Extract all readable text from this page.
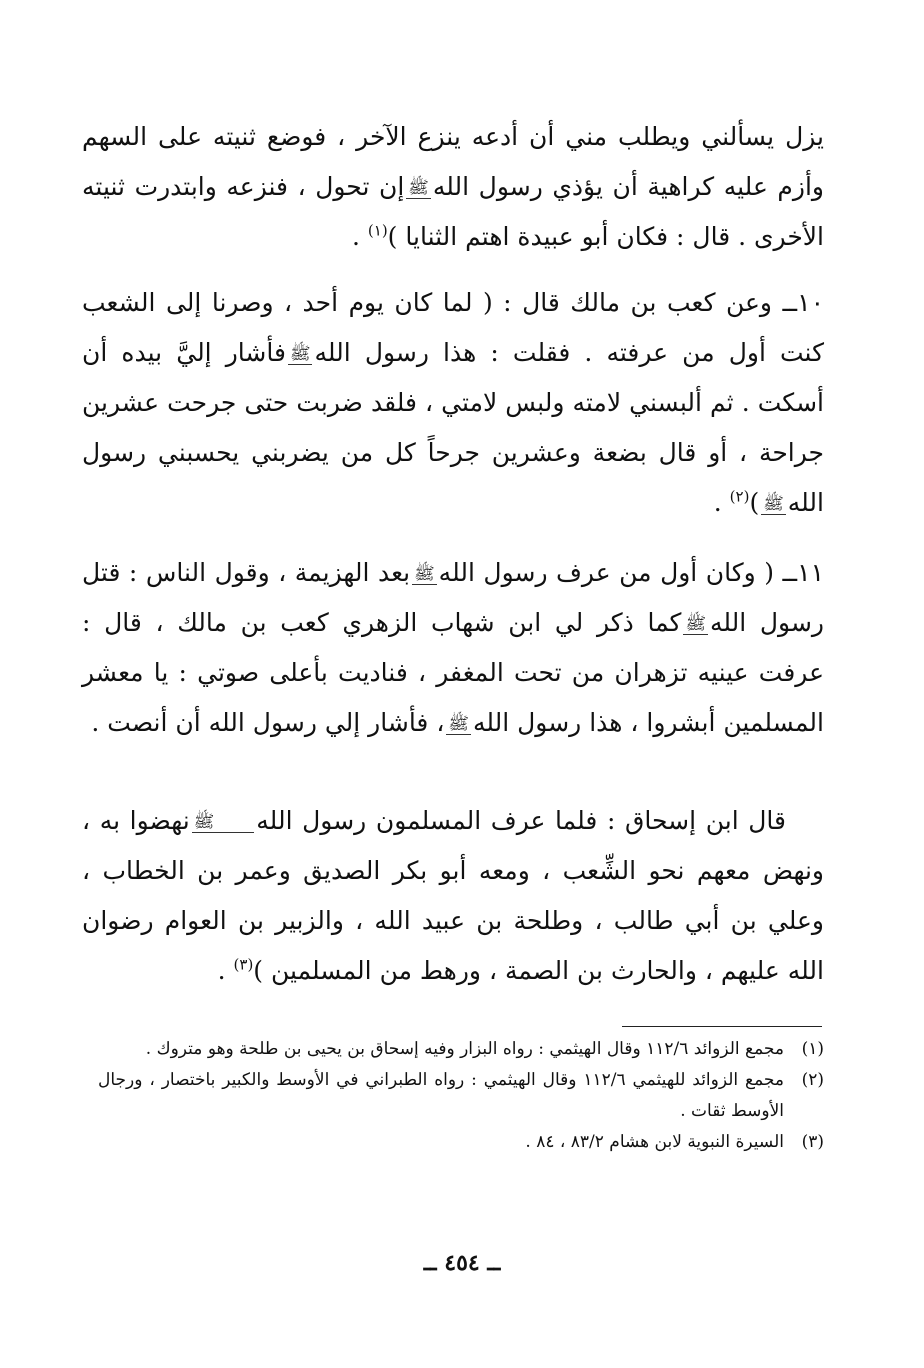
يزل يسألني ويطلب مني أن أدعه ينزع الآخر ، فوضع ثنيته على السهم وأزم عليه كراهية أن يؤذي رسول اللهﷺإن تحول ، فنزعه وابتدرت ثنيته الأخرى . قال : فكان أبو عبيدة اهتم الثنايا )$^{(١)}$ .
١٠ــ وعن كعب بن مالك قال : ( لما كان يوم أحد ، وصرنا إلى الشعب كنت أول من عرفته . فقلت : هذا رسول اللهﷺفأشار إليَّ بيده أن أسكت . ثم ألبسني لامته ولبس لامتي ، فلقد ضربت حتى جرحت عشرين جراحة ، أو قال بضعة وعشرين جرحاً كل من يضربني يحسبني رسول اللهﷺ)$^{(٢)}$ .
١١ــ ( وكان أول من عرف رسول اللهﷺبعد الهزيمة ، وقول الناس : قتل رسول اللهﷺكما ذكر لي ابن شهاب الزهري كعب بن مالك ، قال : عرفت عينيه تزهران من تحت المغفر ، فناديت بأعلى صوتي : يا معشر المسلمين أبشروا ، هذا رسول اللهﷺ، فأشار إلي رسول الله أن أنصت .
قال ابن إسحاق : فلما عرف المسلمون رسول اللهﷺنهضوا به ، ونهض معهم نحو الشِّعب ، ومعه أبو بكر الصديق وعمر بن الخطاب ، وعلي بن أبي طالب ، وطلحة بن عبيد الله ، والزبير بن العوام رضوان الله عليهم ، والحارث بن الصمة ، ورهط من المسلمين )$^{(٣)}$ .
(١)
مجمع الزوائد ١١٢/٦ وقال الهيثمي : رواه البزار وفيه إسحاق بن يحيى بن طلحة وهو متروك .
(٢)
مجمع الزوائد للهيثمي ١١٢/٦ وقال الهيثمي : رواه الطبراني في الأوسط والكبير باختصار ، ورجال الأوسط ثقات .
(٣)
السيرة النبوية لابن هشام ٨٣/٢ ، ٨٤ .
ــ ٤٥٤ ــ
